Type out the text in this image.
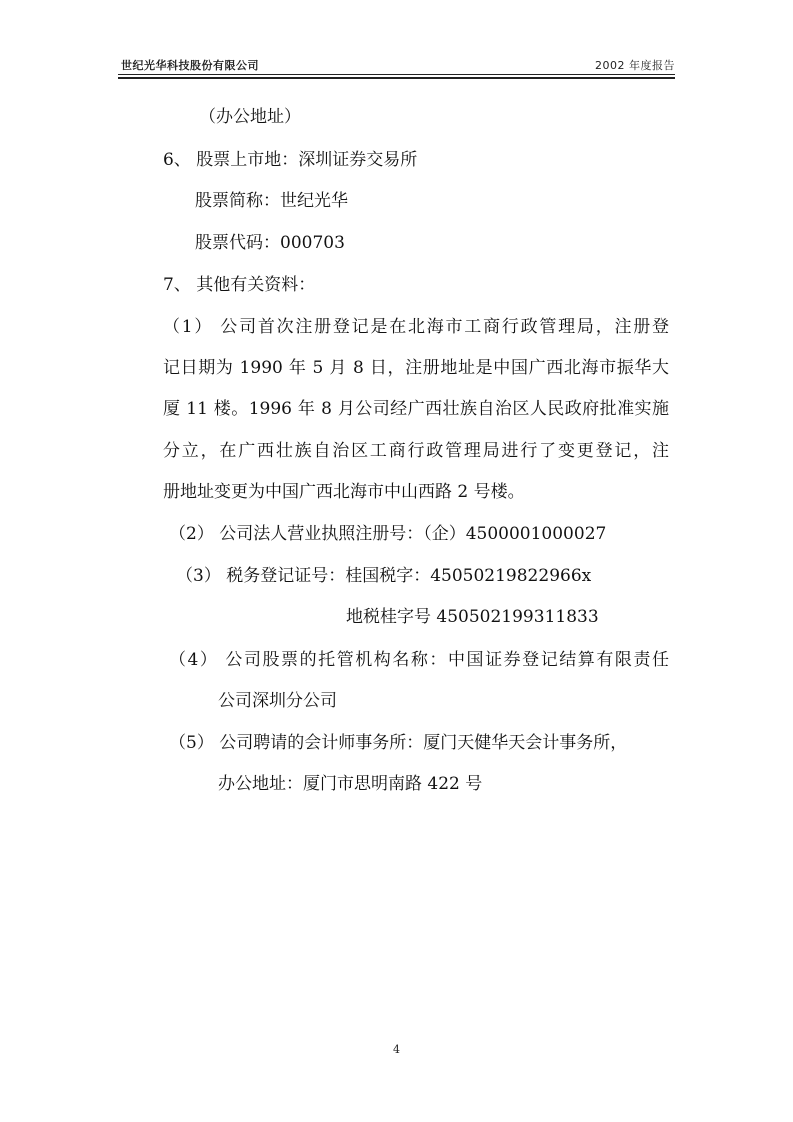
世纪光华科技股份有限公司	2002 年度报告
（办公地址）
6、 股票上市地：深圳证券交易所
股票简称：世纪光华
股票代码：000703
7、 其他有关资料：
（1） 公司首次注册登记是在北海市工商行政管理局，注册登
记日期为 1990 年 5 月 8 日，注册地址是中国广西北海市振华大
厦 11 楼。1996 年 8 月公司经广西壮族自治区人民政府批准实施
分立，在广西壮族自治区工商行政管理局进行了变更登记，注
册地址变更为中国广西北海市中山西路 2 号楼。
（2） 公司法人营业执照注册号：（企）4500001000027
（3） 税务登记证号：桂国税字：45050219822966x
地税桂字号 450502199311833
（4） 公司股票的托管机构名称：中国证券登记结算有限责任
公司深圳分公司
（5） 公司聘请的会计师事务所：厦门天健华天会计事务所，
办公地址：厦门市思明南路 422 号
4
